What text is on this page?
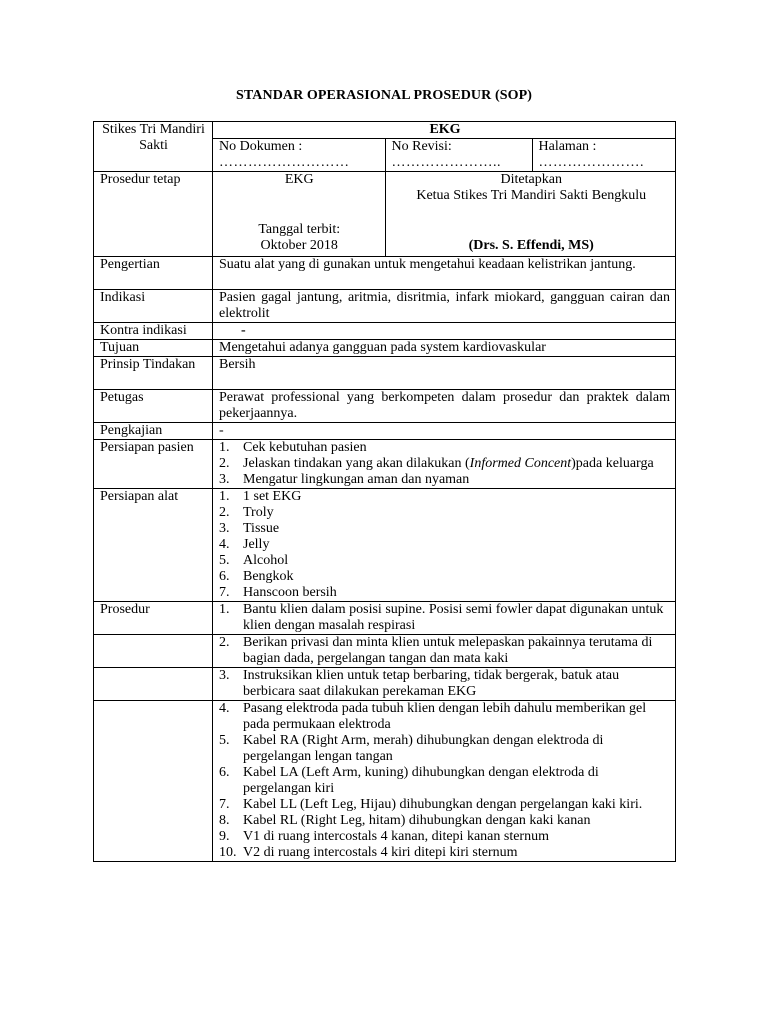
STANDAR OPERASIONAL PROSEDUR (SOP)
Stikes Tri Mandiri Sakti	
EKG

No Dokumen :
………………………

No Revisi:
…………………..

Halaman :
………………….

Prosedur tetap		EKG
Tanggal terbit:
Oktober 2018

Ditetapkan
Ketua Stikes Tri Mandiri Sakti Bengkulu
(Drs. S. Effendi, MS)

Pengertian	Suatu alat yang di gunakan untuk mengetahui keadaan kelistrikan jantung.
Indikasi	Pasien gagal jantung, aritmia, disritmia, infark miokard, gangguan cairan dan elektrolit
Kontra indikasi	-
Tujuan	Mengetahui adanya gangguan pada system kardiovaskular
Prinsip Tindakan	Bersih
Petugas	Perawat professional yang berkompeten dalam prosedur dan praktek dalam pekerjaannya.
Pengkajian	-
Persiapan pasien	1. Cek kebutuhan pasien
2. Jelaskan tindakan yang akan dilakukan (Informed Concent)pada keluarga
3. Mengatur lingkungan aman dan nyaman

Persiapan alat	1. 1 set EKG
2. Troly
3. Tissue
4. Jelly
5. Alcohol
6. Bengkok
7. Hanscoon bersih

Prosedur	1. Bantu klien dalam posisi supine. Posisi semi fowler dapat digunakan untuk klien dengan masalah respirasi

2. Berikan privasi dan minta klien untuk melepaskan pakainnya terutama di bagian dada, pergelangan tangan dan mata kaki

3. Instruksikan klien untuk tetap berbaring, tidak bergerak, batuk atau berbicara saat dilakukan perekaman EKG

4. Pasang elektroda pada tubuh klien dengan lebih dahulu memberikan gel pada permukaan elektroda
5. Kabel RA (Right Arm, merah) dihubungkan dengan elektroda di pergelangan lengan tangan
6. Kabel LA (Left Arm, kuning) dihubungkan dengan elektroda di pergelangan kiri
7. Kabel LL (Left Leg, Hijau) dihubungkan dengan pergelangan kaki kiri.
8. Kabel RL (Right Leg, hitam) dihubungkan dengan kaki kanan
9. V1 di ruang intercostals 4 kanan, ditepi kanan sternum
10. V2 di ruang intercostals 4 kiri ditepi kiri sternum
